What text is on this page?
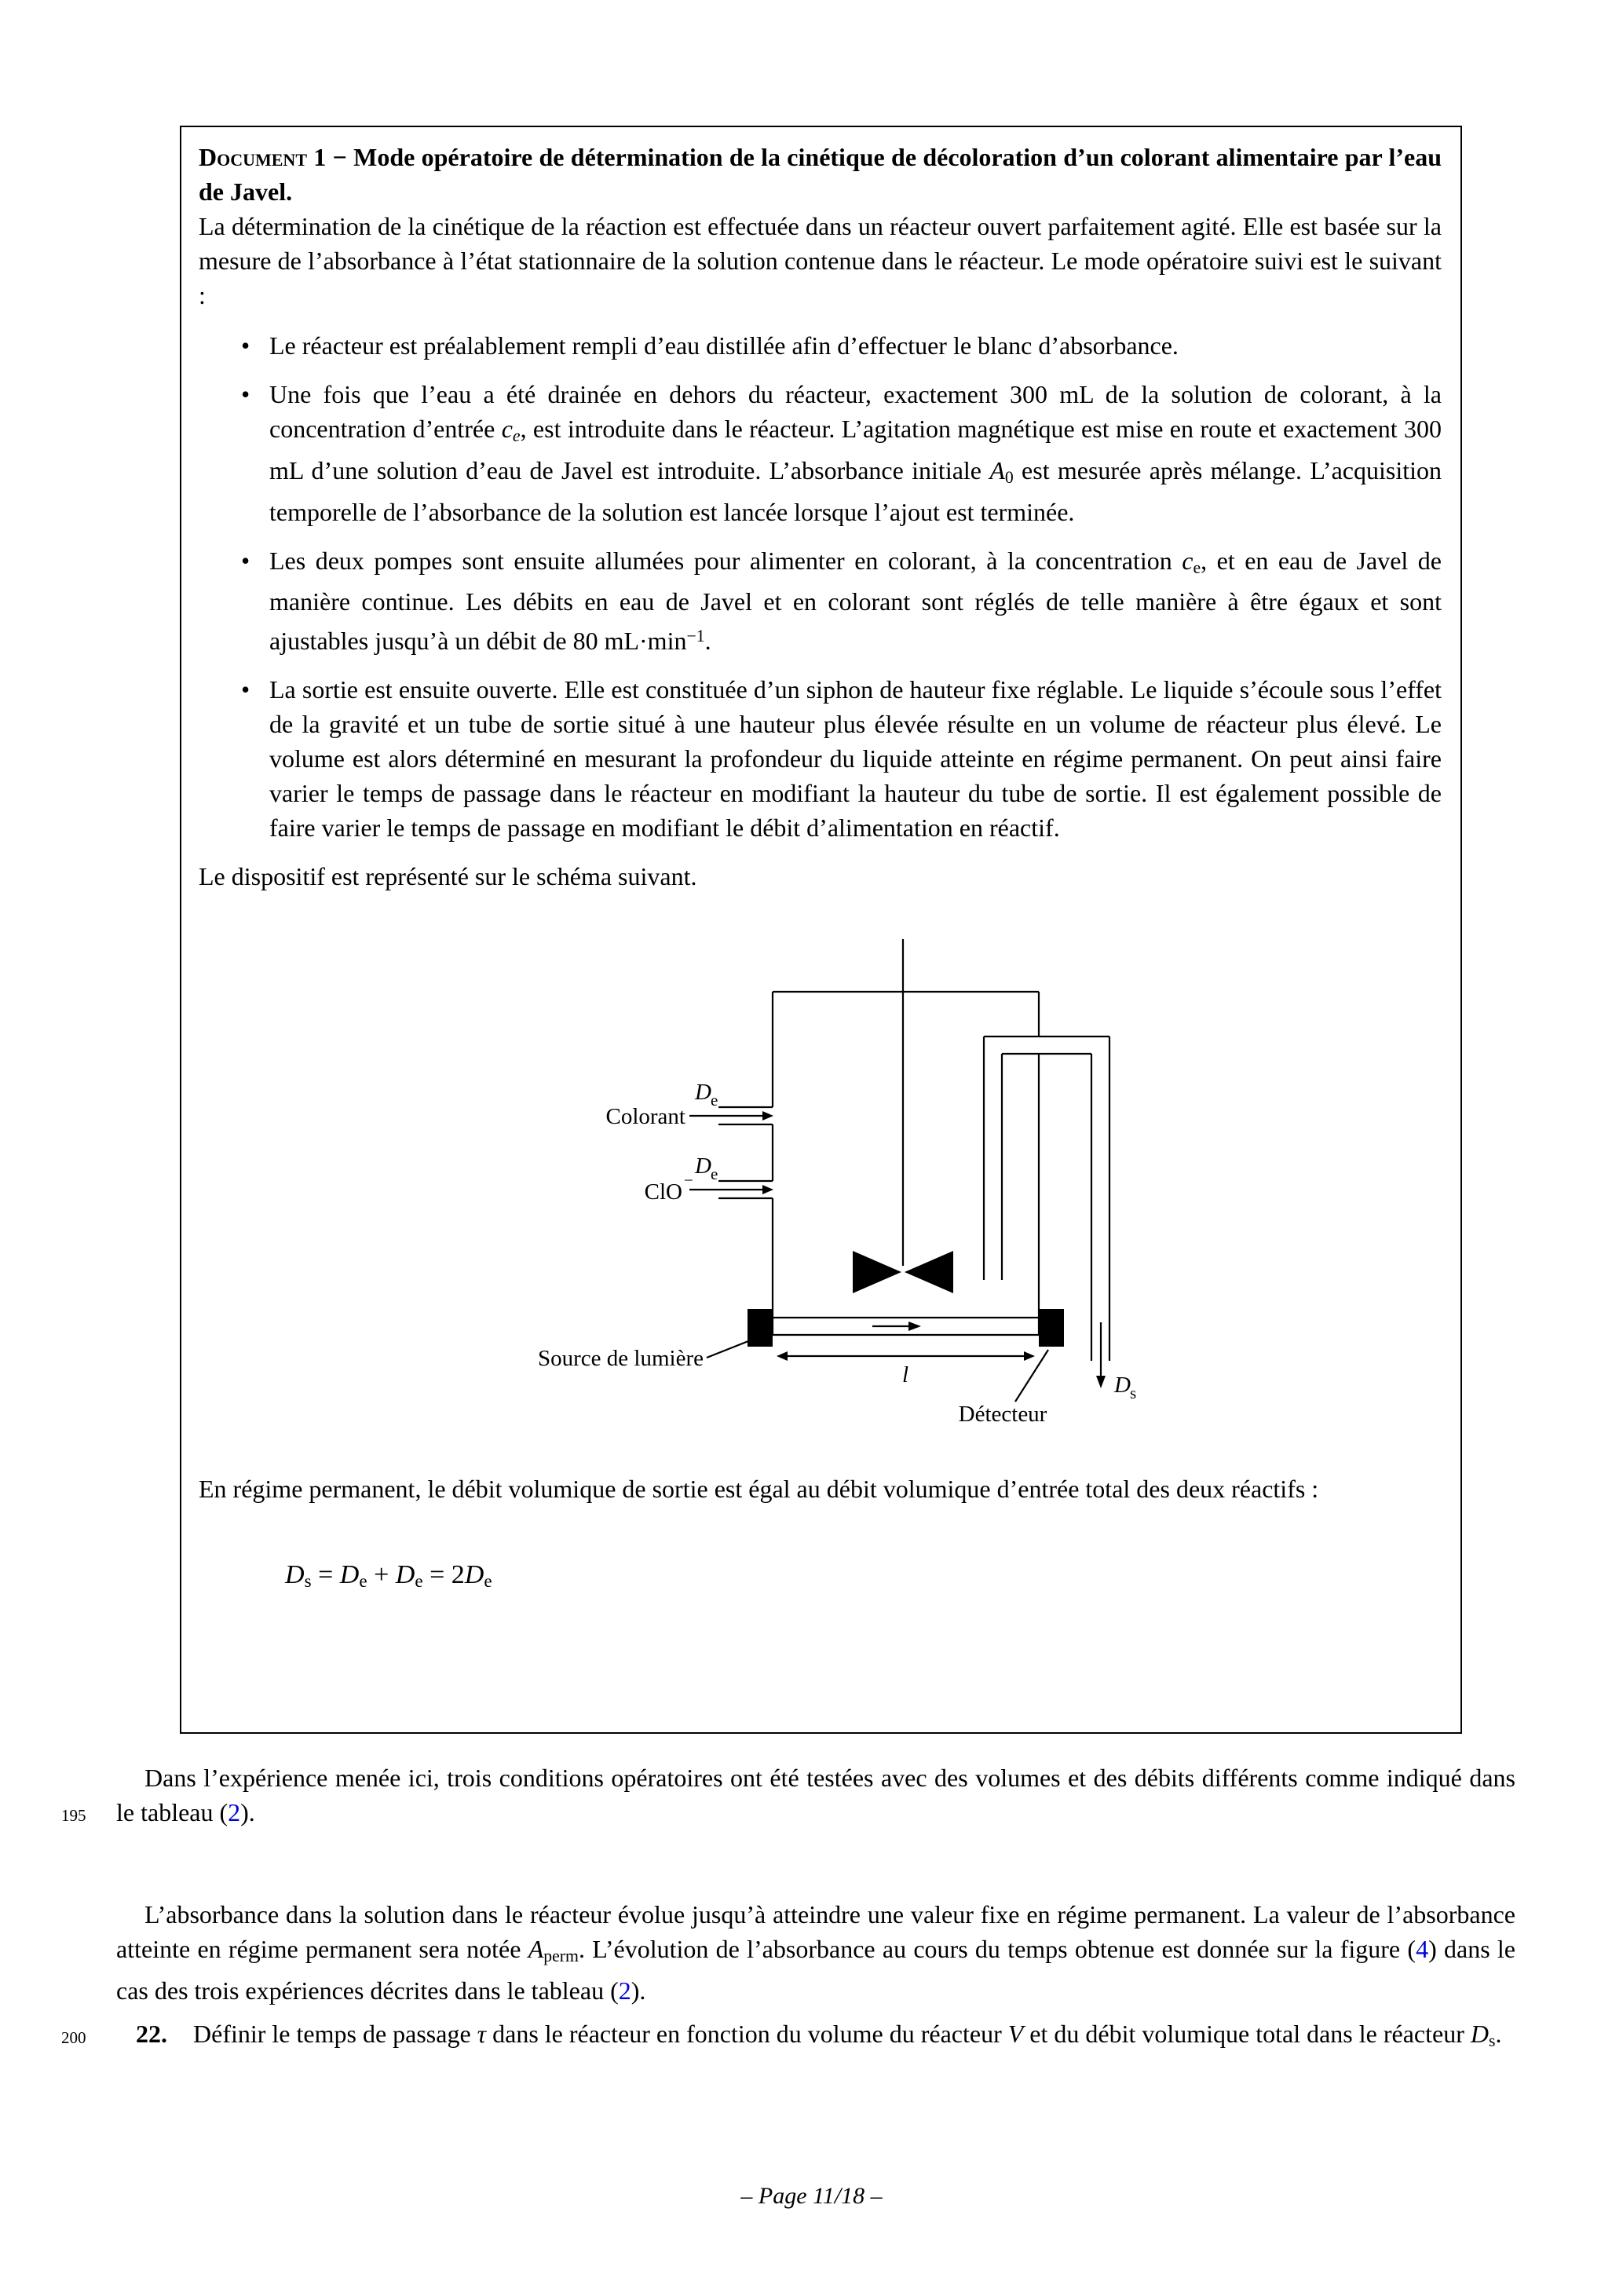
195
200

Document 1 − Mode opératoire de détermination de la cinétique de décoloration d’un colorant alimentaire par l’eau de Javel.

La détermination de la cinétique de la réaction est effectuée dans un réacteur ouvert parfaitement agité. Elle est basée sur la mesure de l’absorbance à l’état stationnaire de la solution contenue dans le réacteur. Le mode opératoire suivi est le suivant :

• Le réacteur est préalablement rempli d’eau distillée afin d’effectuer le blanc d’absorbance.
• Une fois que l’eau a été drainée en dehors du réacteur, exactement 300 mL de la solution de colorant, à la concentration d’entrée ce, est introduite dans le réacteur. L’agitation magnétique est mise en route et exactement 300 mL d’une solution d’eau de Javel est introduite. L’absorbance initiale A0 est mesurée après mélange. L’acquisition temporelle de l’absorbance de la solution est lancée lorsque l’ajout est terminée.
• Les deux pompes sont ensuite allumées pour alimenter en colorant, à la concentration ce, et en eau de Javel de manière continue. Les débits en eau de Javel et en colorant sont réglés de telle manière à être égaux et sont ajustables jusqu’à un débit de 80 $mL\cdot\min^{-1}$.
• La sortie est ensuite ouverte. Elle est constituée d’un siphon de hauteur fixe réglable. Le liquide s’écoule sous l’effet de la gravité et un tube de sortie situé à une hauteur plus élevée résulte en un volume de réacteur plus élevé. Le volume est alors déterminé en mesurant la profondeur du liquide atteinte en régime permanent. On peut ainsi faire varier le temps de passage dans le réacteur en modifiant la hauteur du tube de sortie. Il est également possible de faire varier le temps de passage en modifiant le débit d’alimentation en réactif.

Le dispositif est représenté sur le schéma suivant.

Colorant
ClO −
D e
D e
D s
Source de lumière
Détecteur
l

En régime permanent, le débit volumique de sortie est égal au débit volumique d’entrée total des deux réactifs :

Ds = De + De = 2De

Dans l’expérience menée ici, trois conditions opératoires ont été testées avec des volumes et des débits différents comme indiqué dans le tableau (2).

L’absorbance dans la solution dans le réacteur évolue jusqu’à atteindre une valeur fixe en régime permanent. La valeur de l’absorbance atteinte en régime permanent sera notée Aperm. L’évolution de l’absorbance au cours du temps obtenue est donnée sur la figure (4) dans le cas des trois expériences décrites dans le tableau (2).

22.	Définir le temps de passage τ dans le réacteur en fonction du volume du réacteur V et du débit volumique total dans le réacteur Ds.
– Page 11/18 –
